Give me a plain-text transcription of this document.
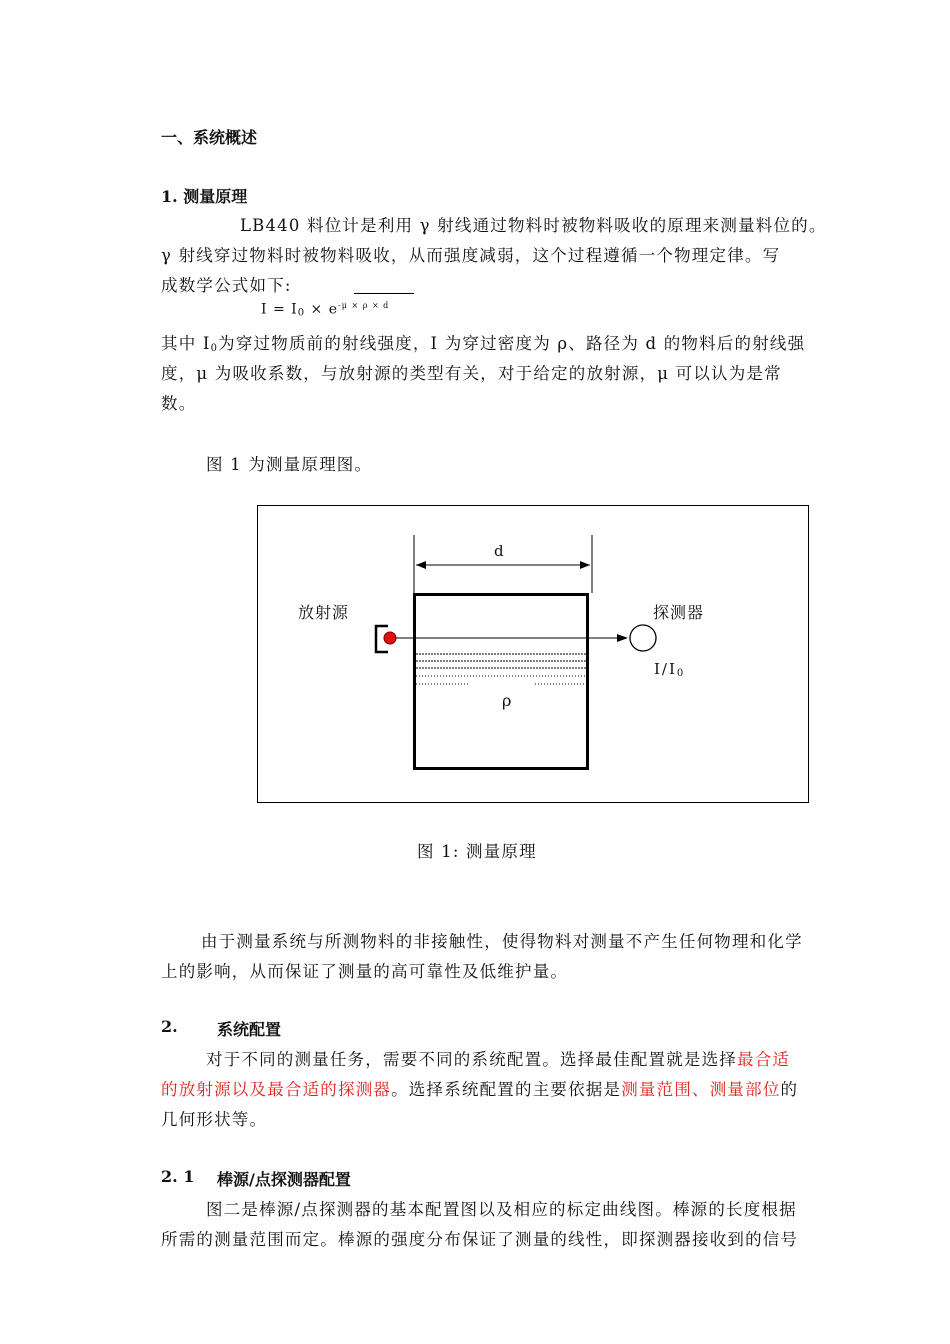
一、系统概述
1. 测量原理
LB440 料位计是利用 γ 射线通过物料时被物料吸收的原理来测量料位的。
γ 射线穿过物料时被物料吸收，从而强度减弱，这个过程遵循一个物理定律。写
成数学公式如下:
$I = I_0 \times e^{-\mu \times \rho \times d}$
其中 $I_0$为穿过物质前的射线强度，I 为穿过密度为 ρ、路径为 d 的物料后的射线强
度，μ 为吸收系数，与放射源的类型有关，对于给定的放射源，μ 可以认为是常
数。
图 1 为测量原理图。
d
放射源	探测器
$I/I_0$
ρ
图 1: 测量原理
由于测量系统与所测物料的非接触性，使得物料对测量不产生任何物理和化学
上的影响，从而保证了测量的高可靠性及低维护量。
2. 系统配置
对于不同的测量任务，需要不同的系统配置。选择最佳配置就是选择最合适
的放射源以及最合适的探测器。选择系统配置的主要依据是测量范围、测量部位的
几何形状等。
2. 1 棒源/点探测器配置
图二是棒源/点探测器的基本配置图以及相应的标定曲线图。棒源的长度根据
所需的测量范围而定。棒源的强度分布保证了测量的线性，即探测器接收到的信号
